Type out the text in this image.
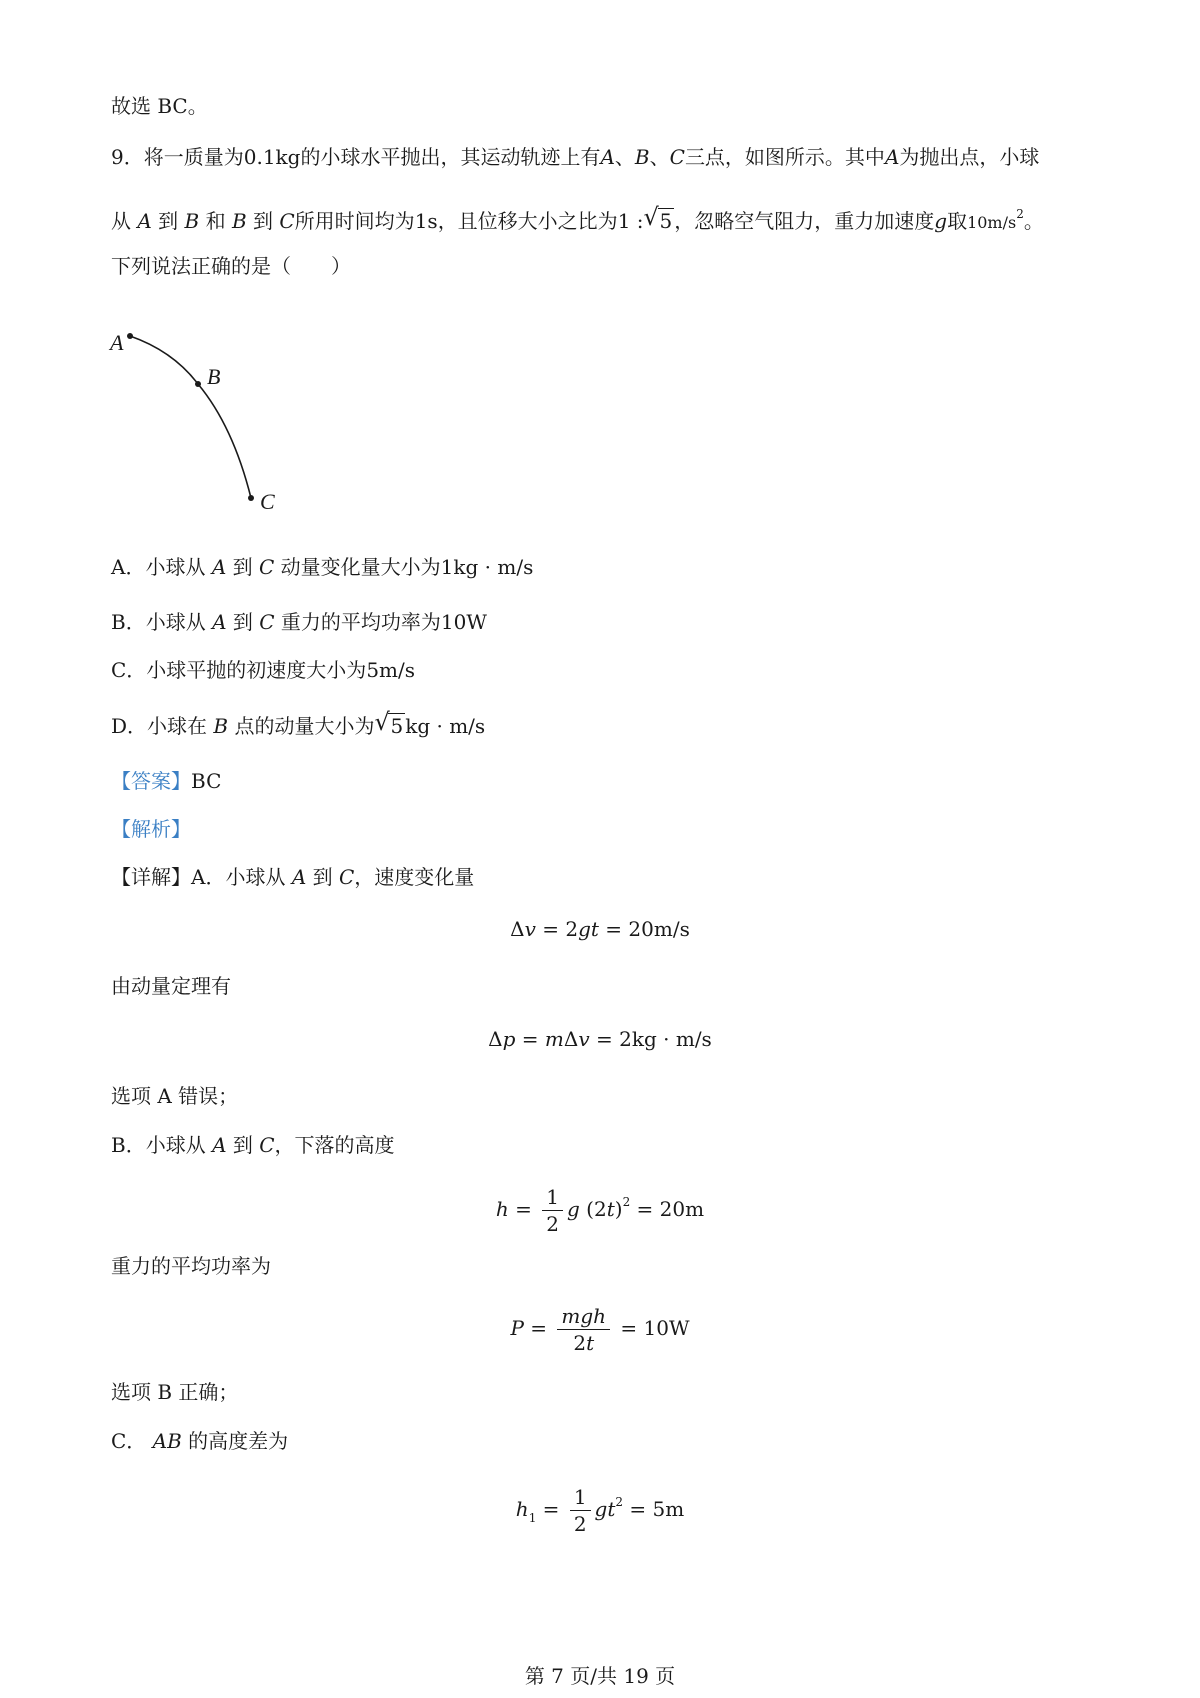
故选 BC。
9．将一质量为0.1kg的小球水平抛出，其运动轨迹上有A、B、C三点，如图所示。其中A为抛出点，小球
从 A 到 B 和 B 到 C所用时间均为1s，且位移大小之比为1 : √ 5 ，忽略空气阻力，重力加速度g取$10m/s^2$。
下列说法正确的是（　　）
A
B
C
A．小球从 A 到 C 动量变化量大小为1kg · m/s
B．小球从 A 到 C 重力的平均功率为10W
C．小球平抛的初速度大小为5m/s
D．小球在 B 点的动量大小为 √ 5 kg · m/s
【答案】BC
【解析】
【详解】A．小球从 A 到 C，速度变化量
Δv = 2gt = 20m/s
由动量定理有
Δp = mΔv = 2kg · m/s
选项 A 错误；
B．小球从 A 到 C，下落的高度
$h = \frac{1}{2}$ g $(2t)^2 = 20m$
重力的平均功率为
$P = \frac{\text{mgh}}{2t} = 10W$
选项 B 正确；
C． AB 的高度差为
$h_1 = \frac{1}{2} gt^2 = 5m$
第 7 页/共 19 页
